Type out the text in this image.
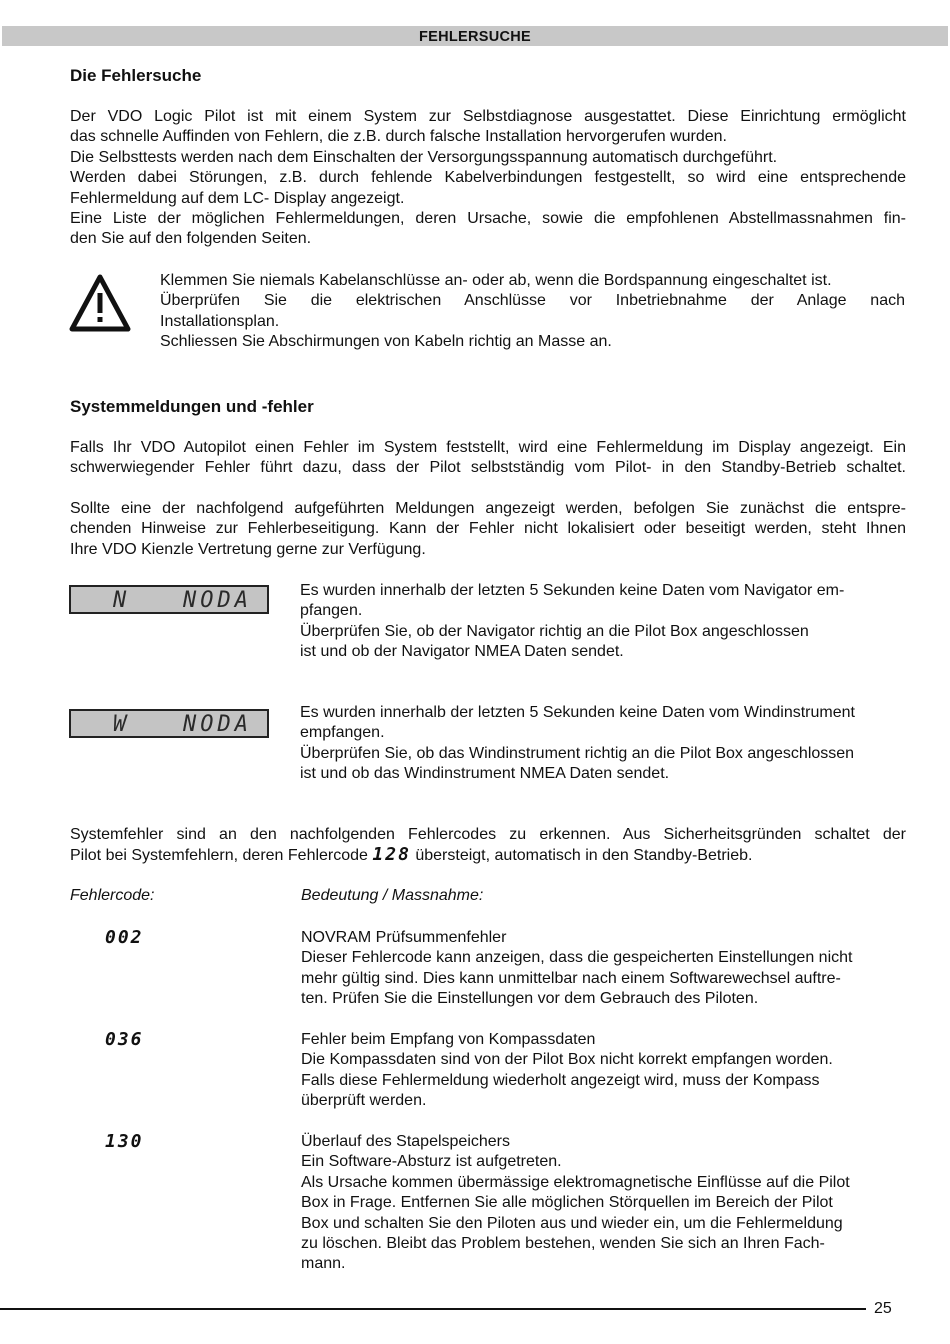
FEHLERSUCHE
Die Fehlersuche
Der VDO Logic Pilot ist mit einem System zur Selbstdiagnose ausgestattet. Diese Einrichtung ermöglicht
das schnelle Auffinden von Fehlern, die z.B. durch falsche Installation hervorgerufen wurden.
Die Selbsttests werden nach dem Einschalten der Versorgungsspannung automatisch durchgeführt.
Werden dabei Störungen, z.B. durch fehlende Kabelverbindungen festgestellt, so wird eine entsprechende
Fehlermeldung auf dem LC- Display angezeigt.
Eine Liste der möglichen Fehlermeldungen, deren Ursache, sowie die empfohlenen Abstellmassnahmen fin-
den Sie auf den folgenden Seiten.
Klemmen Sie niemals Kabelanschlüsse an- oder ab, wenn die Bordspannung eingeschaltet ist.
Überprüfen Sie die elektrischen Anschlüsse vor Inbetriebnahme der Anlage nach
Installationsplan.
Schliessen Sie Abschirmungen von Kabeln richtig an Masse an.
Systemmeldungen und -fehler
Falls Ihr VDO Autopilot einen Fehler im System feststellt, wird eine Fehlermeldung im Display angezeigt. Ein
schwerwiegender Fehler führt dazu, dass der Pilot selbstständig vom Pilot- in den Standby-Betrieb schaltet.
Sollte eine der nachfolgend aufgeführten Meldungen angezeigt werden, befolgen Sie zunächst die entspre-
chenden Hinweise zur Fehlerbeseitigung. Kann der Fehler nicht lokalisiert oder beseitigt werden, steht Ihnen
Ihre VDO Kienzle Vertretung gerne zur Verfügung.
N	NODA	Es wurden innerhalb der letzten 5 Sekunden keine Daten vom Navigator em-
pfangen.
Überprüfen Sie, ob der Navigator richtig an die Pilot Box angeschlossen
ist und ob der Navigator NMEA Daten sendet.
W	NODA	Es wurden innerhalb der letzten 5 Sekunden keine Daten vom Windinstrument
empfangen.
Überprüfen Sie, ob das Windinstrument richtig an die Pilot Box angeschlossen
ist und ob das Windinstrument NMEA Daten sendet.
Systemfehler sind an den nachfolgenden Fehlercodes zu erkennen. Aus Sicherheitsgründen schaltet der
Pilot bei Systemfehlern, deren Fehlercode 128 übersteigt, automatisch in den Standby-Betrieb.
Fehlercode:	Bedeutung / Massnahme:
002	NOVRAM Prüfsummenfehler
Dieser Fehlercode kann anzeigen, dass die gespeicherten Einstellungen nicht
mehr gültig sind. Dies kann unmittelbar nach einem Softwarewechsel auftre-
ten. Prüfen Sie die Einstellungen vor dem Gebrauch des Piloten.
036	Fehler beim Empfang von Kompassdaten
Die Kompassdaten sind von der Pilot Box nicht korrekt empfangen worden.
Falls diese Fehlermeldung wiederholt angezeigt wird, muss der Kompass
überprüft werden.
130	Überlauf des Stapelspeichers
Ein Software-Absturz ist aufgetreten.
Als Ursache kommen übermässige elektromagnetische Einflüsse auf die Pilot
Box in Frage. Entfernen Sie alle möglichen Störquellen im Bereich der Pilot
Box und schalten Sie den Piloten aus und wieder ein, um die Fehlermeldung
zu löschen. Bleibt das Problem bestehen, wenden Sie sich an Ihren Fach-
mann.
25
